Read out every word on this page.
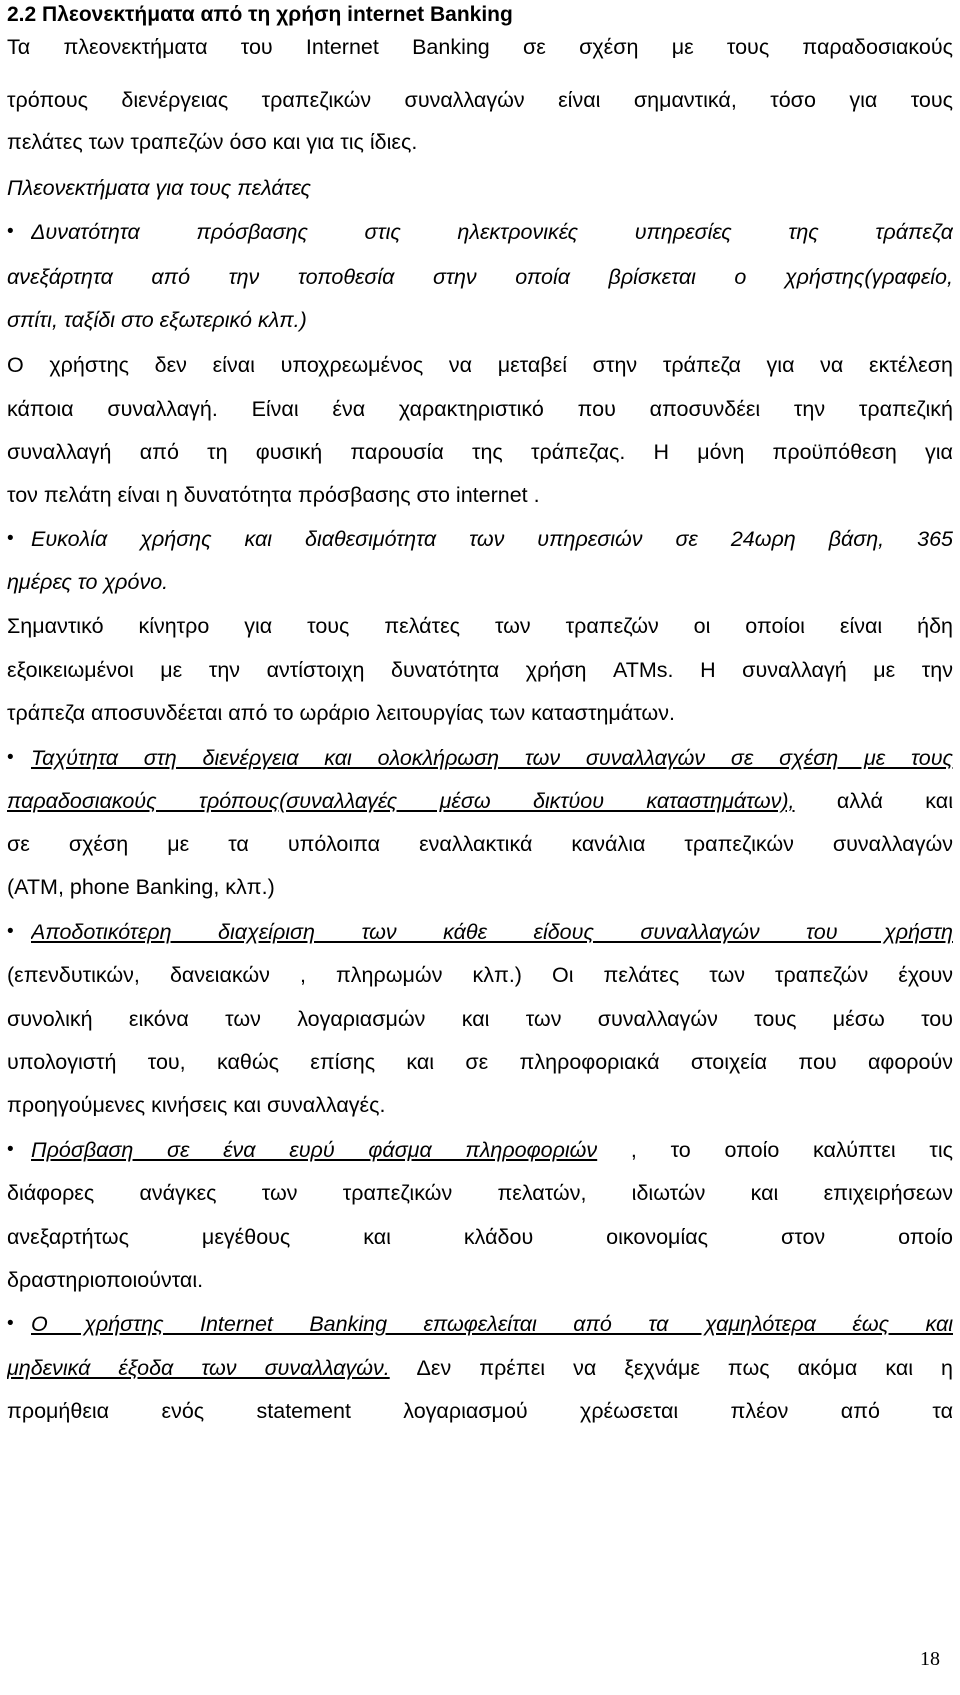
2.2 Πλεονεκτήματα από τη χρήση internet Banking
Τα πλεονεκτήματα του Internet Banking σε σχέση με τους παραδοσιακούς
τρόπους διενέργειας τραπεζικών συναλλαγών είναι σημαντικά, τόσο για τους
πελάτες των τραπεζών όσο και για τις ίδιες.
Πλεονεκτήματα για τους πελάτες
• Δυνατότητα πρόσβασης στις ηλεκτρονικές υπηρεσίες της τράπεζα
ανεξάρτητα από την τοποθεσία στην οποία βρίσκεται ο χρήστης(γραφείο,
σπίτι, ταξίδι στο εξωτερικό κλπ.)
Ο χρήστης δεν είναι υποχρεωμένος να μεταβεί στην τράπεζα για να εκτέλεση
κάποια συναλλαγή. Είναι ένα χαρακτηριστικό που αποσυνδέει την τραπεζική
συναλλαγή από τη φυσική παρουσία της τράπεζας. Η μόνη προϋπόθεση για
τον πελάτη είναι η δυνατότητα πρόσβασης στο internet .
• Ευκολία χρήσης και διαθεσιμότητα των υπηρεσιών σε 24ωρη βάση, 365
ημέρες το χρόνο.
Σημαντικό κίνητρο για τους πελάτες των τραπεζών οι οποίοι είναι ήδη
εξοικειωμένοι με την αντίστοιχη δυνατότητα χρήση ATMs. Η συναλλαγή με την
τράπεζα αποσυνδέεται από το ωράριο λειτουργίας των καταστημάτων.
• Ταχύτητα στη διενέργεια και ολοκλήρωση των συναλλαγών σε σχέση με τους
παραδοσιακούς τρόπους(συναλλαγές μέσω δικτύου καταστημάτων), αλλά και
σε σχέση με τα υπόλοιπα εναλλακτικά κανάλια τραπεζικών συναλλαγών
(ATM, phone Banking, κλπ.)
• Αποδοτικότερη διαχείριση των κάθε είδους συναλλαγών του χρήστη
(επενδυτικών, δανειακών , πληρωμών κλπ.) Οι πελάτες των τραπεζών έχουν
συνολική εικόνα των λογαριασμών και των συναλλαγών τους μέσω του
υπολογιστή του, καθώς επίσης και σε πληροφοριακά στοιχεία που αφορούν
προηγούμενες κινήσεις και συναλλαγές.
• Πρόσβαση σε ένα ευρύ φάσμα πληροφοριών , το οποίο καλύπτει τις
διάφορες ανάγκες των τραπεζικών πελατών, ιδιωτών και επιχειρήσεων
ανεξαρτήτως μεγέθους και κλάδου οικονομίας στον οποίο
δραστηριοποιούνται.
• Ο χρήστης Internet Banking επωφελείται από τα χαμηλότερα έως και
μηδενικά έξοδα των συναλλαγών. Δεν πρέπει να ξεχνάμε πως ακόμα και η
προμήθεια ενός statement λογαριασμού χρέωσεται πλέον από τα
18
